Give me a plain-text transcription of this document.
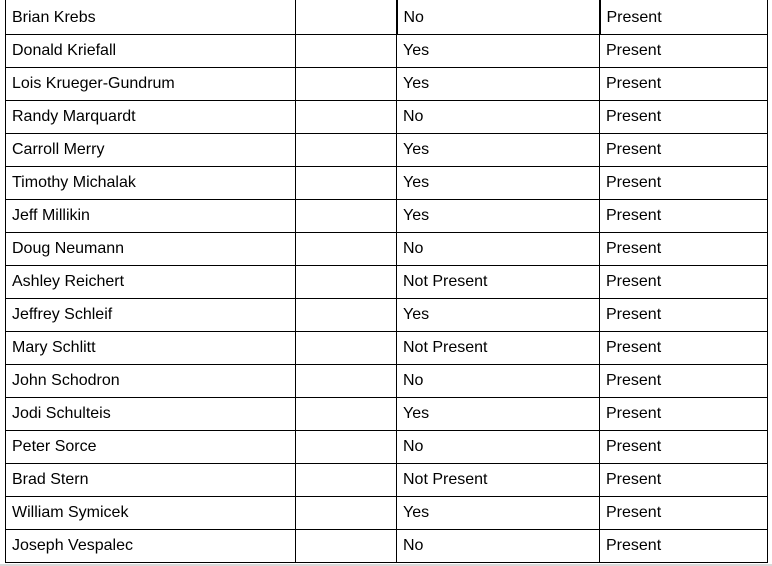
Brian Krebs		No	Present
Donald Kriefall		Yes	Present
Lois Krueger-Gundrum		Yes	Present
Randy Marquardt		No	Present
Carroll Merry		Yes	Present
Timothy Michalak		Yes	Present
Jeff Millikin		Yes	Present
Doug Neumann		No	Present
Ashley Reichert		Not Present	Present
Jeffrey Schleif		Yes	Present
Mary Schlitt		Not Present	Present
John Schodron		No	Present
Jodi Schulteis		Yes	Present
Peter Sorce		No	Present
Brad Stern		Not Present	Present
William Symicek		Yes	Present
Joseph Vespalec		No	Present
